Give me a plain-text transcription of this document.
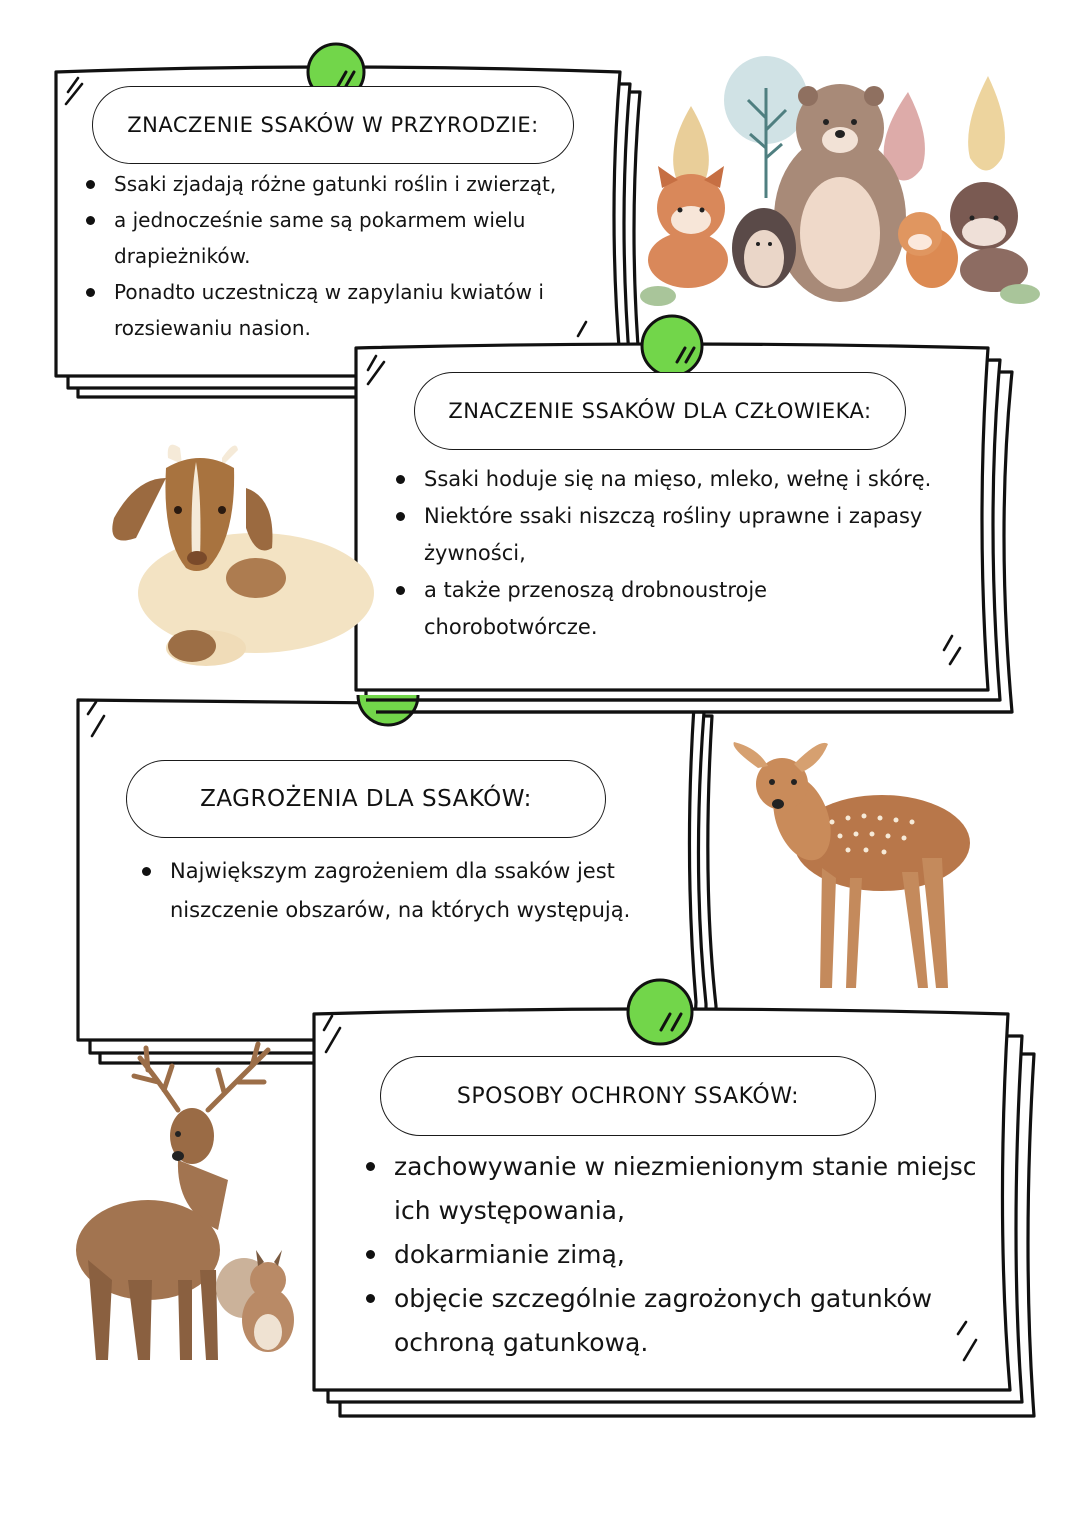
ZNACZENIE SSAKÓW W PRZYRODZIE:
Ssaki zjadają różne gatunki roślin i zwierząt,
a jednocześnie same są pokarmem wielu drapieżników.
Ponadto uczestniczą w zapylaniu kwiatów i rozsiewaniu nasion.
ZNACZENIE SSAKÓW DLA CZŁOWIEKA:
Ssaki hoduje się na mięso, mleko, wełnę i skórę.
Niektóre ssaki niszczą rośliny uprawne i zapasy żywności,
a także przenoszą drobnoustroje chorobotwórcze.
ZAGROŻENIA DLA SSAKÓW:
Największym zagrożeniem dla ssaków jest niszczenie obszarów, na których występują.
SPOSOBY OCHRONY SSAKÓW:
zachowywanie w niezmienionym stanie miejsc ich występowania,
dokarmianie zimą,
objęcie szczególnie zagrożonych gatunków ochroną gatunkową.
